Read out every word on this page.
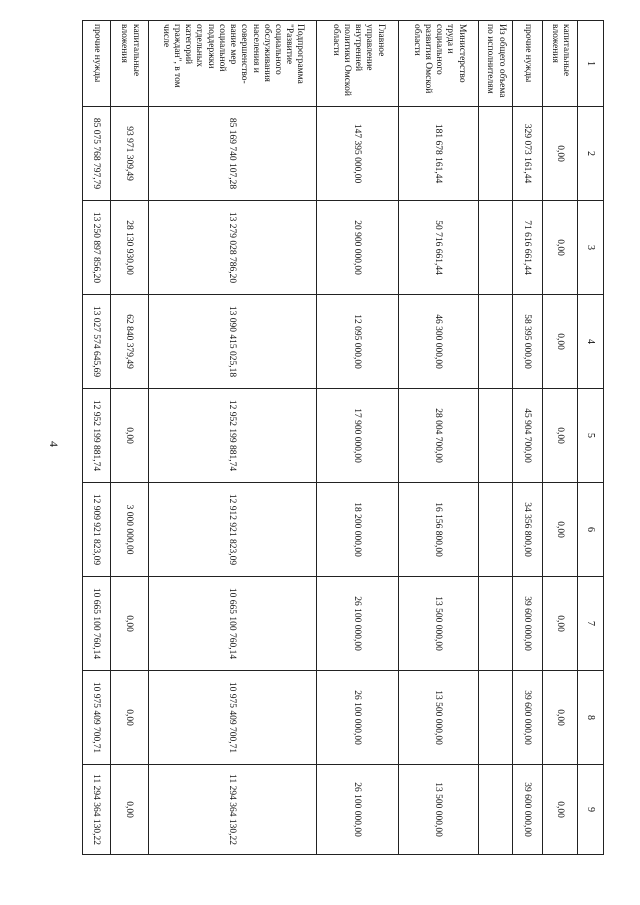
4
1	2	3	4	5	6	7	8	9
капитальные вложения	0,00	0,00	0,00	0,00	0,00	0,00	0,00	0,00
прочие нужды	329 073 161,44	71 616 661,44	58 395 000,00	45 904 700,00	34 356 800,00	39 600 000,00	39 600 000,00	39 600 000,00
Из общего объема по исполнителям								
Министерство труда и социального развития Омской области	181 678 161,44	50 716 661,44	46 300 000,00	28 004 700,00	16 156 800,00	13 500 000,00	13 500 000,00	13 500 000,00
Главное управление внутренней политики Омской области	147 395 000,00	20 900 000,00	12 095 000,00	17 900 000,00	18 200 000,00	26 100 000,00	26 100 000,00	26 100 000,00
Подпрограмма "Развитие социального обслуживания населения и совершенство-вание мер социальной поддержки отдельных категорий граждан", в том числе	85 169 740 107,28	13 279 028 786,20	13 090 415 025,18	12 952 199 881,74	12 912 921 823,09	10 665 100 760,14	10 975 409 700,71	11 294 364 130,22
капитальные вложения	93 971 309,49	28 130 930,00	62 840 379,49	0,00	3 000 000,00	0,00	0,00	0,00
прочие нужды	85 075 768 797,79	13 250 897 856,20	13 027 574 645,69	12 952 199 881,74	12 909 921 823,09	10 665 100 760,14	10 975 409 700,71	11 294 364 130,22
